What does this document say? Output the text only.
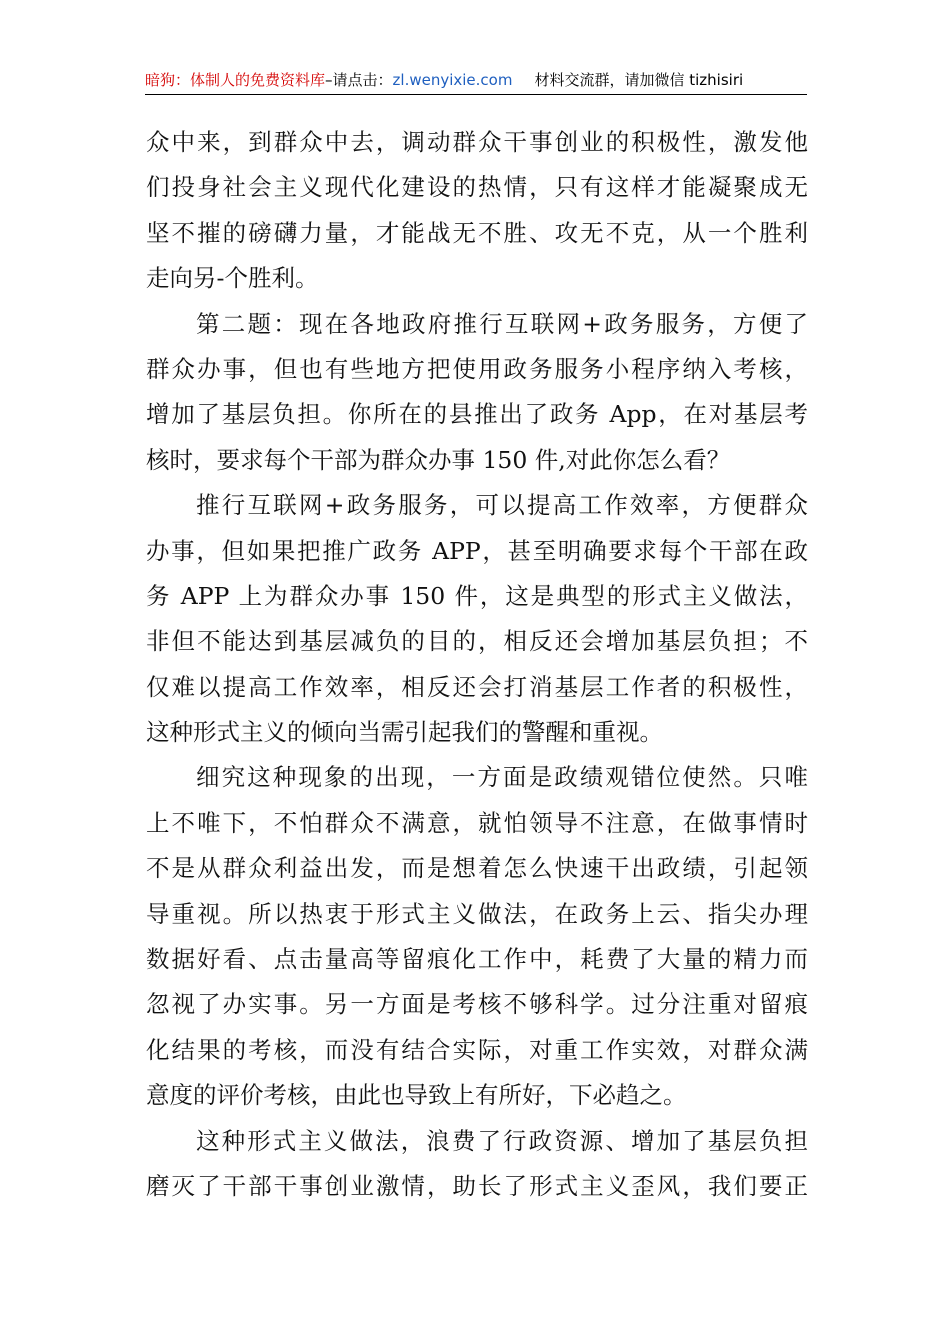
暗狗：体制人的免费资料库–请点击：zl.wenyixie.com 材料交流群，请加微信 tizhisiri
众中来，到群众中去，调动群众干事创业的积极性，激发他
们投身社会主义现代化建设的热情，只有这样才能凝聚成无
坚不摧的磅礴力量，才能战无不胜、攻无不克，从一个胜利
走向另-个胜利。
第二题：现在各地政府推行互联网+政务服务，方便了
群众办事，但也有些地方把使用政务服务小程序纳入考核，
增加了基层负担。你所在的县推出了政务 App，在对基层考
核时，要求每个干部为群众办事 150 件,对此你怎么看？
推行互联网+政务服务，可以提高工作效率，方便群众
办事，但如果把推广政务 APP，甚至明确要求每个干部在政
务 APP 上为群众办事 150 件，这是典型的形式主义做法，
非但不能达到基层减负的目的，相反还会增加基层负担；不
仅难以提高工作效率，相反还会打消基层工作者的积极性，
这种形式主义的倾向当需引起我们的警醒和重视。
细究这种现象的出现，一方面是政绩观错位使然。只唯
上不唯下，不怕群众不满意，就怕领导不注意，在做事情时
不是从群众利益出发，而是想着怎么快速干出政绩，引起领
导重视。所以热衷于形式主义做法，在政务上云、指尖办理
数据好看、点击量高等留痕化工作中，耗费了大量的精力而
忽视了办实事。另一方面是考核不够科学。过分注重对留痕
化结果的考核，而没有结合实际，对重工作实效，对群众满
意度的评价考核，由此也导致上有所好，下必趋之。
这种形式主义做法，浪费了行政资源、增加了基层负担
磨灭了干部干事创业激情，助长了形式主义歪风，我们要正
